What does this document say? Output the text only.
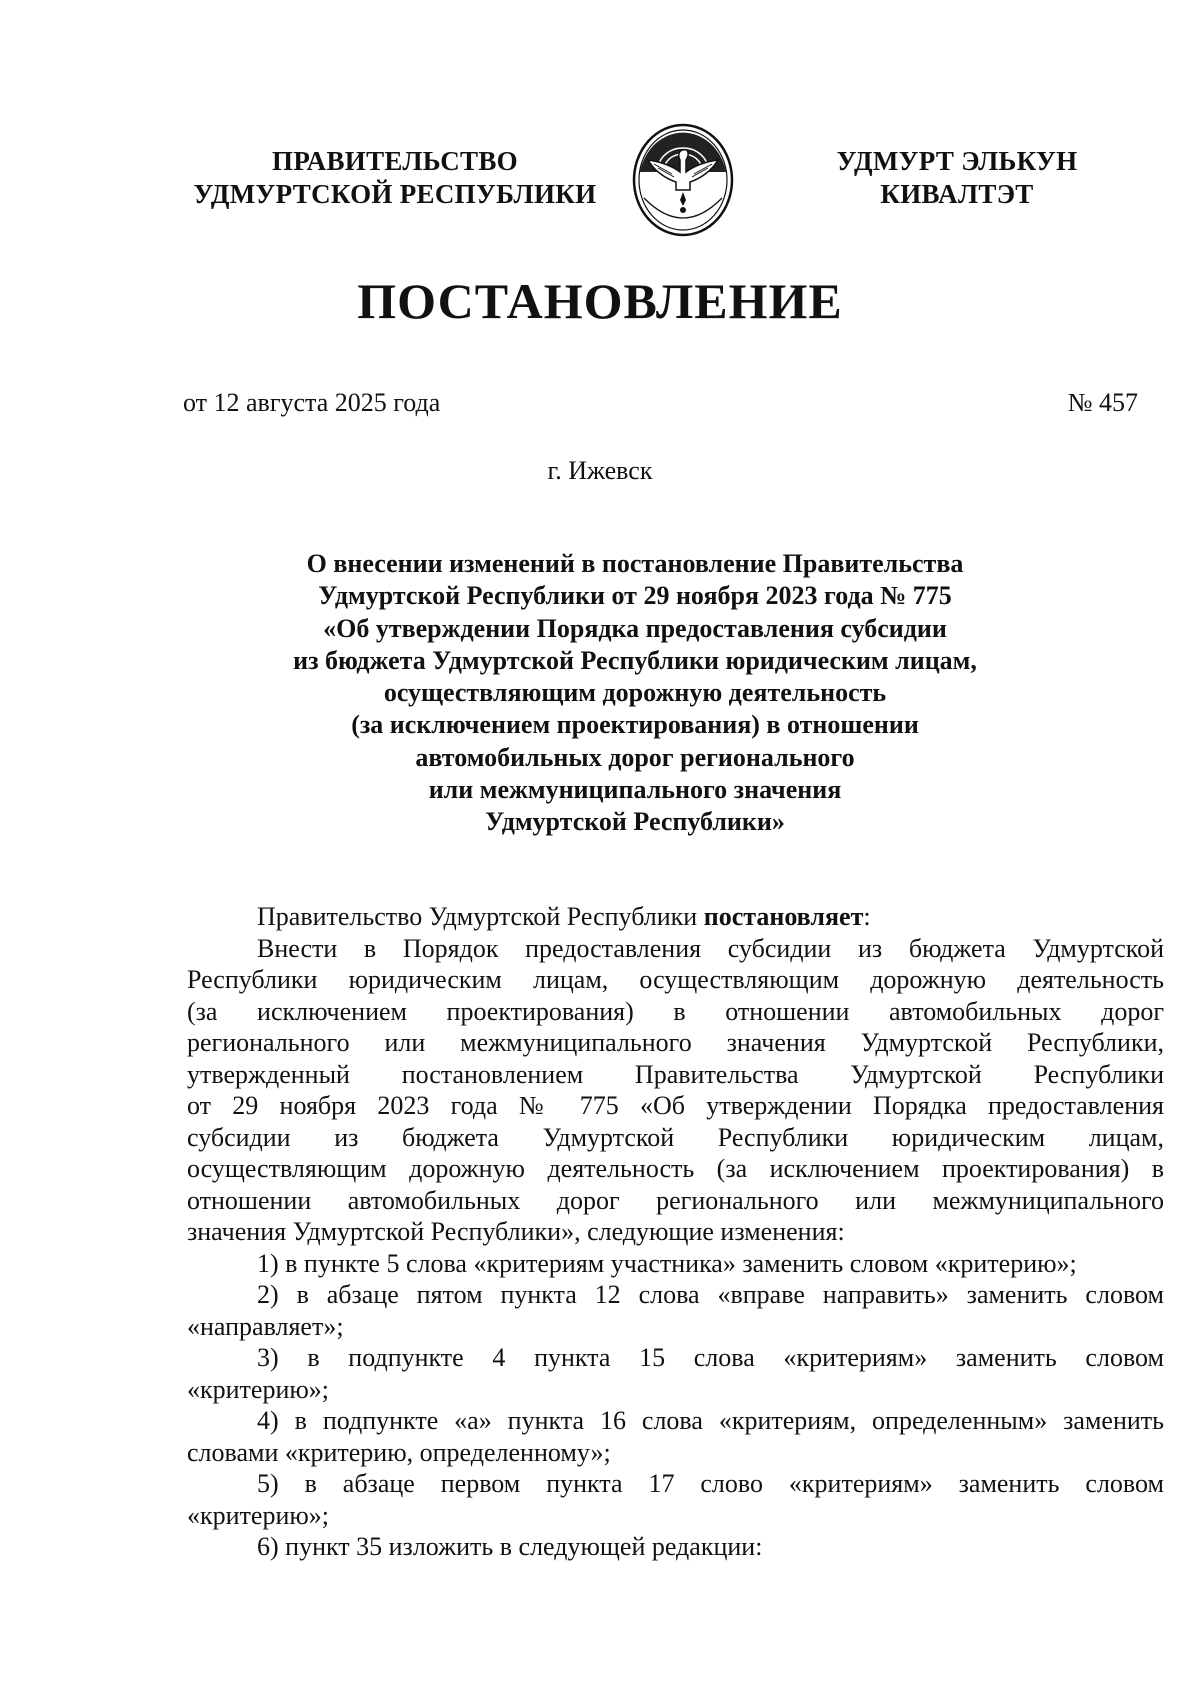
ПРАВИТЕЛЬСТВО
УДМУРТСКОЙ РЕСПУБЛИКИ
УДМУРТ ЭЛЬКУН
КИВАЛТЭТ
ПОСТАНОВЛЕНИЕ
от 12 августа 2025 года	№ 457
г. Ижевск
О внесении изменений в постановление Правительства
Удмуртской Республики от 29 ноября 2023 года № 775
«Об утверждении Порядка предоставления субсидии
из бюджета Удмуртской Республики юридическим лицам,
осуществляющим дорожную деятельность
(за исключением проектирования) в отношении
автомобильных дорог регионального
или межмуниципального значения
Удмуртской Республики»
Правительство Удмуртской Республики постановляет:
Внести в Порядок предоставления субсидии из бюджета Удмуртской
Республики юридическим лицам, осуществляющим дорожную деятельность
(за исключением проектирования) в отношении автомобильных дорог
регионального или межмуниципального значения Удмуртской Республики,
утвержденный постановлением Правительства Удмуртской Республики
от 29 ноября 2023 года № 775 «Об утверждении Порядка предоставления
субсидии из бюджета Удмуртской Республики юридическим лицам,
осуществляющим дорожную деятельность (за исключением проектирования) в
отношении автомобильных дорог регионального или межмуниципального
значения Удмуртской Республики», следующие изменения:
1) в пункте 5 слова «критериям участника» заменить словом «критерию»;
2) в абзаце пятом пункта 12 слова «вправе направить» заменить словом
«направляет»;
3) в подпункте 4 пункта 15 слова «критериям» заменить словом
«критерию»;
4) в подпункте «а» пункта 16 слова «критериям, определенным» заменить
словами «критерию, определенному»;
5) в абзаце первом пункта 17 слово «критериям» заменить словом
«критерию»;
6) пункт 35 изложить в следующей редакции:
